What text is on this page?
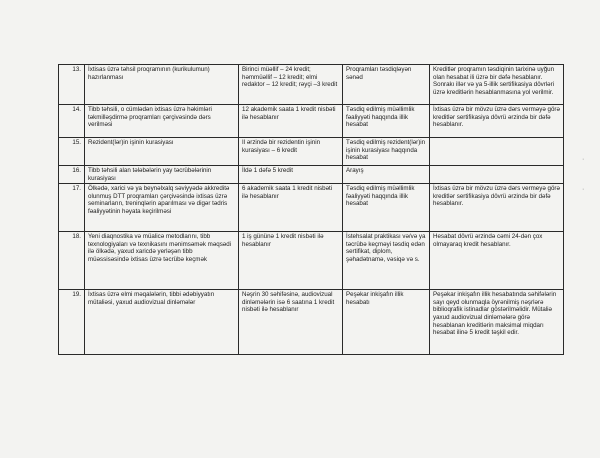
13.	İxtisas üzrə təhsil proqramının (kurikulumun) hazırlanması	Birinci müəllif – 24 kredit; həmmüəllif – 12 kredit; elmi redaktor – 12 kredit; rəyçi –3 kredit	Proqramları təsdiqləyən sənəd	Kreditlər proqramın təsdiqinin tarixinə uyğun olan hesabat ili üzrə bir dəfə hesablanır. Sonrakı illər və ya 5-illik sertifikasiya dövrləri üzrə kreditlərin hesablanmasına yol verilmir.
14.	Tibb təhsili, o cümlədən ixtisas üzrə həkimləri təkmilləşdirmə proqramları çərçivəsində dərs verilməsi	12 akademik saata 1 kredit nisbəti ilə hesablanır	Təsdiq edilmiş müəllimlik fəaliyyəti haqqında illik hesabat	İxtisas üzrə bir mövzu üzrə dərs verməyə görə kreditlər sertifikasiya dövrü ərzində bir dəfə hesablanır.
15.	Rezident(lər)in işinin kurasiyası	Il ərzində bir rezidentin işinin kurasiyası – 6 kredit	Təsdiq edilmiş rezident(lər)in işinin kurasiyası haqqında hesabat	
16.	Tibb təhsili alan tələbələrin yay təcrübələrinin kurasiyası	İldə 1 dəfə 5 kredit	Arayış	
17.	Ölkədə, xarici və ya beynəlxalq səviyyədə akkreditə olunmuş DTT proqramları çərçivəsində ixtisas üzrə seminarların, treninqlərin aparılması və digər tədris fəaliyyətinin həyata keçirilməsi	6 akademik saata 1 kredit nisbəti ilə hesablanır	Təsdiq edilmiş müəllimlik fəaliyyəti haqqında illik hesabat	İxtisas üzrə bir mövzu üzrə dərs vermeyə görə kreditlər sertifikasiya dövrü ərzində bir dəfə hesablanır.
18.	Yeni diaqnostika və müalicə metodlarını, tibb texnologiyaları və texnikasını mənimsəmək məqsədi ilə ölkədə, yaxud xaricdə yerləşən tibb müəssisəsində ixtisas üzrə təcrübə keçmək	1 iş gününə 1 kredit nisbəti ilə hesablanır	İstehsalat praktikası və/və ya təcrübə keçməyi təsdiq edən sertifikat, diplom, şəhadətnamə, vəsiqə və s.	Hesabat dövrü ərzində cəmi 24-dən çox olmayaraq kredit hesablanır.
19.	İxtisas üzrə elmi məqalələrin, tibbi ədəbiyyatın mütaliəsi, yaxud audiovizual dinləmələr	Nəşrin 30 səhifəsinə, audiovizual dinləmələrin isə 6 saatına 1 kredit nisbəti ilə hesablanır	Peşəkar inkişafın illik hesabatı	Peşəkar inkişafın illik hesabatında səhifələrin sayı qeyd olunmaqla öyrənilmiş nəşrlərə biblioqrafik istinadlar göstərilməlidir. Mütaliə yaxud audiovizual dinləmələrə görə hesablanan kreditlərin maksimal miqdarı hesabat ilinə 5 kredit təşkil edir.
·
·
